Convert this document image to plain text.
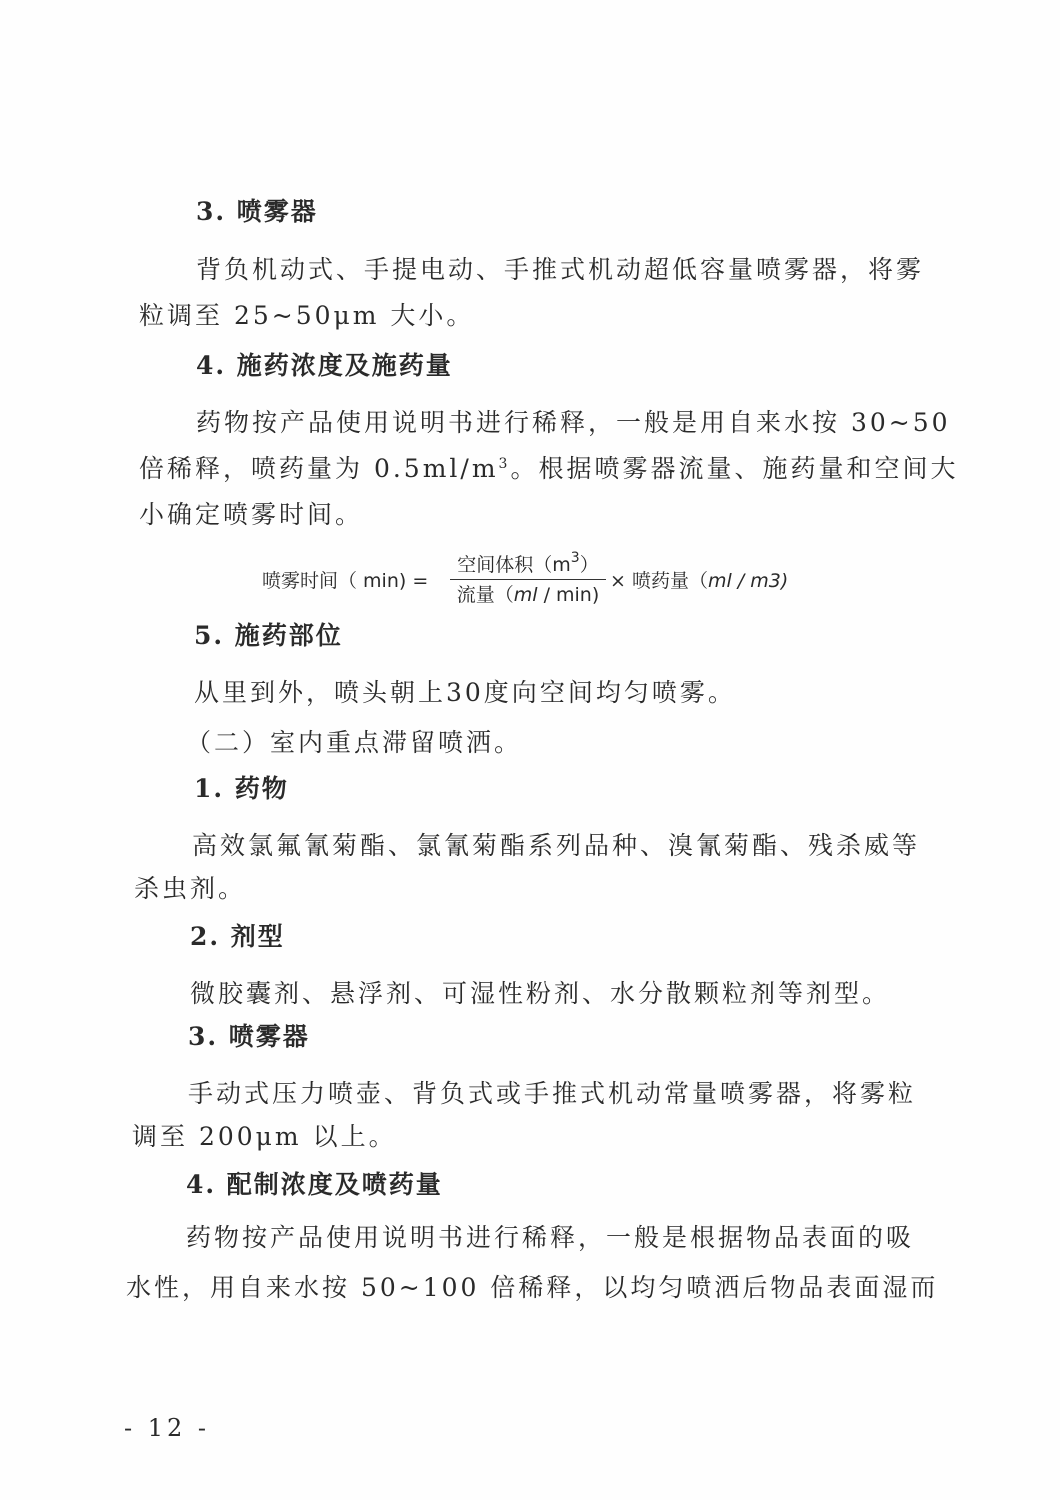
3. 喷雾器
背负机动式、手提电动、手推式机动超低容量喷雾器，将雾
粒调至 25~50μm 大小。
4. 施药浓度及施药量
药物按产品使用说明书进行稀释，一般是用自来水按 30~50
倍稀释，喷药量为 $0.5ml/m^3$。根据喷雾器流量、施药量和空间大
小确定喷雾时间。
喷雾时间（ min) =
空间体积$(m^3)$
流量（ml / min)
× 喷药量（ml / m3)
5. 施药部位
从里到外，喷头朝上30度向空间均匀喷雾。
（二）室内重点滞留喷洒。
1. 药物
高效氯氟氰菊酯、氯氰菊酯系列品种、溴氰菊酯、残杀威等
杀虫剂。
2. 剂型
微胶囊剂、悬浮剂、可湿性粉剂、水分散颗粒剂等剂型。
3. 喷雾器
手动式压力喷壶、背负式或手推式机动常量喷雾器，将雾粒
调至 200μm 以上。
4. 配制浓度及喷药量
药物按产品使用说明书进行稀释，一般是根据物品表面的吸
水性，用自来水按 50~100 倍稀释，以均匀喷洒后物品表面湿而
- 12 -
